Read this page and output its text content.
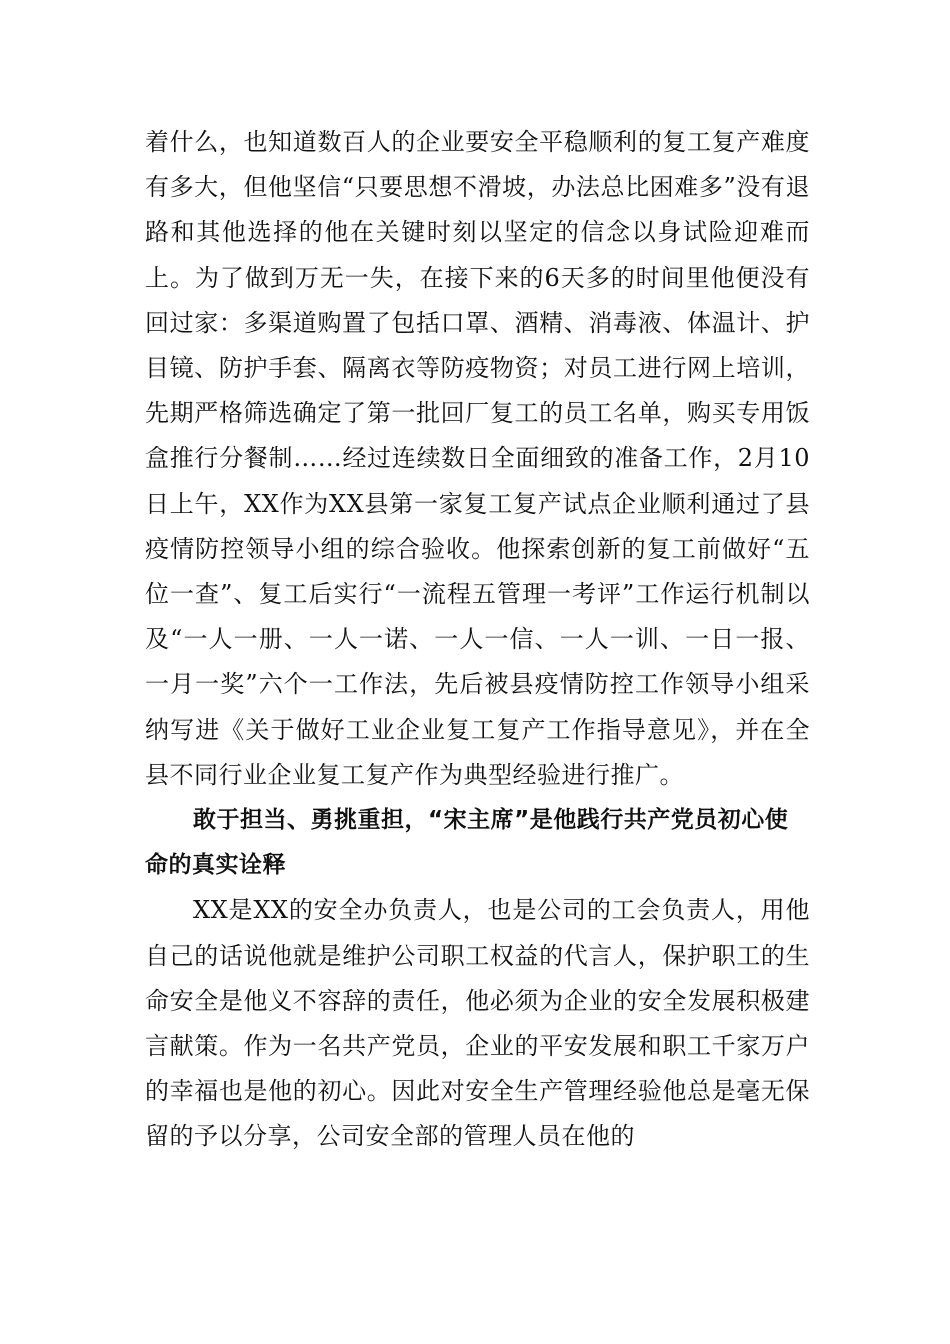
着什么，也知道数百人的企业要安全平稳顺利的复工复产难度有多大，但他坚信“只要思想不滑坡，办法总比困难多”没有退路和其他选择的他在关键时刻以坚定的信念以身试险迎难而上。为了做到万无一失，在接下来的6天多的时间里他便没有回过家：多渠道购置了包括口罩、酒精、消毒液、体温计、护目镜、防护手套、隔离衣等防疫物资；对员工进行网上培训，先期严格筛选确定了第一批回厂复工的员工名单，购买专用饭盒推行分餐制……经过连续数日全面细致的准备工作，2月10日上午，XX作为XX县第一家复工复产试点企业顺利通过了县疫情防控领导小组的综合验收。他探索创新的复工前做好“五位一查”、复工后实行“一流程五管理一考评”工作运行机制以及“一人一册、一人一诺、一人一信、一人一训、一日一报、一月一奖”六个一工作法，先后被县疫情防控工作领导小组采纳写进《关于做好工业企业复工复产工作指导意见》，并在全县不同行业企业复工复产作为典型经验进行推广。

敢于担当、勇挑重担，“宋主席”是他践行共产党员初心使命的真实诠释

XX是XX的安全办负责人，也是公司的工会负责人，用他自己的话说他就是维护公司职工权益的代言人，保护职工的生命安全是他义不容辞的责任，他必须为企业的安全发展积极建言献策。作为一名共产党员，企业的平安发展和职工千家万户的幸福也是他的初心。因此对安全生产管理经验他总是毫无保留的予以分享，公司安全部的管理人员在他的
